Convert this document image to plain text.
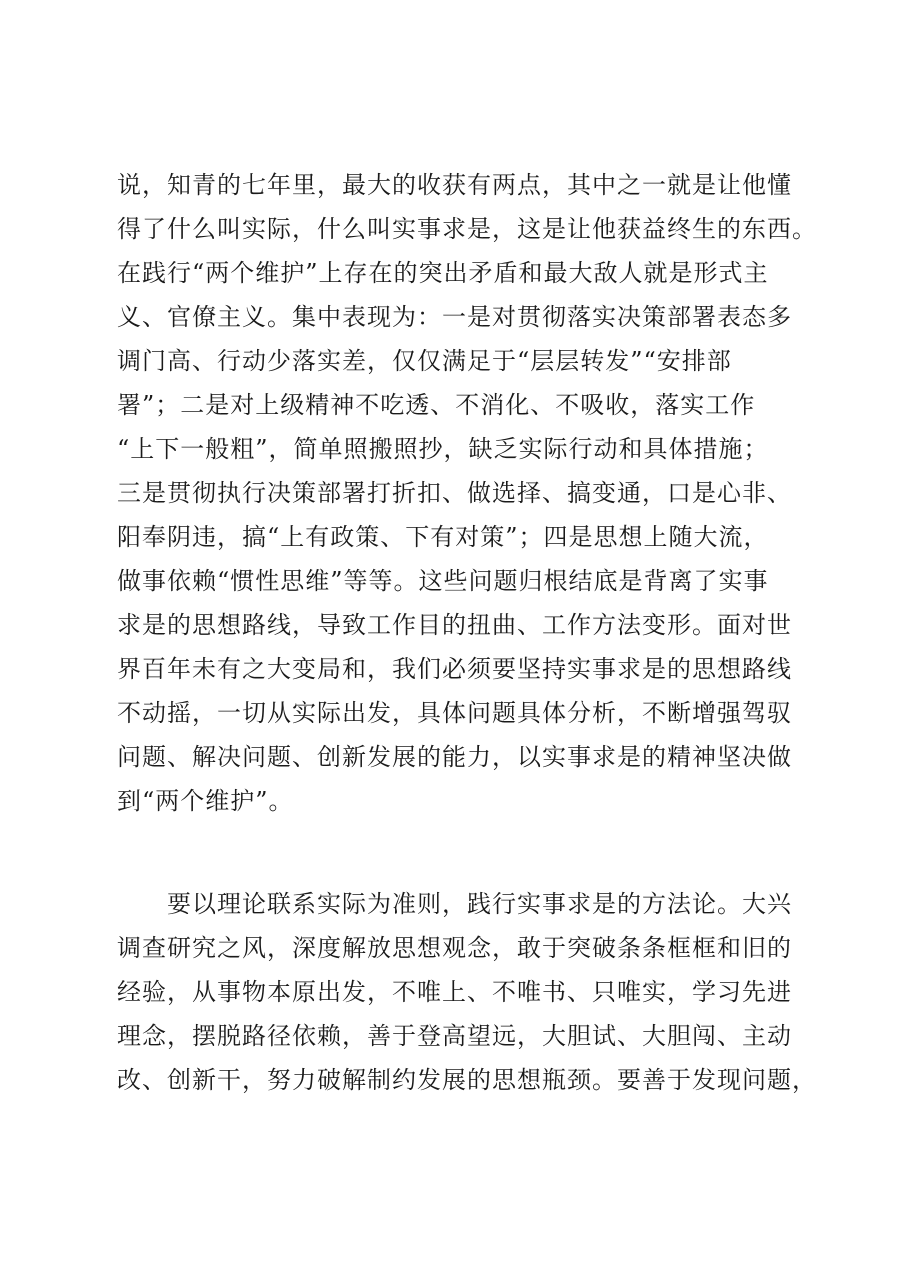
说，知青的七年里，最大的收获有两点，其中之一就是让他懂
得了什么叫实际，什么叫实事求是，这是让他获益终生的东西。
在践行“两个维护”上存在的突出矛盾和最大敌人就是形式主
义、官僚主义。集中表现为：一是对贯彻落实决策部署表态多
调门高、行动少落实差，仅仅满足于“层层转发”“安排部
署”；二是对上级精神不吃透、不消化、不吸收，落实工作
“上下一般粗”，简单照搬照抄，缺乏实际行动和具体措施；
三是贯彻执行决策部署打折扣、做选择、搞变通，口是心非、
阳奉阴违，搞“上有政策、下有对策”；四是思想上随大流，
做事依赖“惯性思维”等等。这些问题归根结底是背离了实事
求是的思想路线，导致工作目的扭曲、工作方法变形。面对世
界百年未有之大变局和，我们必须要坚持实事求是的思想路线
不动摇，一切从实际出发，具体问题具体分析，不断增强驾驭
问题、解决问题、创新发展的能力，以实事求是的精神坚决做
到“两个维护”。
　　要以理论联系实际为准则，践行实事求是的方法论。大兴
调查研究之风，深度解放思想观念，敢于突破条条框框和旧的
经验，从事物本原出发，不唯上、不唯书、只唯实，学习先进
理念，摆脱路径依赖，善于登高望远，大胆试、大胆闯、主动
改、创新干，努力破解制约发展的思想瓶颈。要善于发现问题，
